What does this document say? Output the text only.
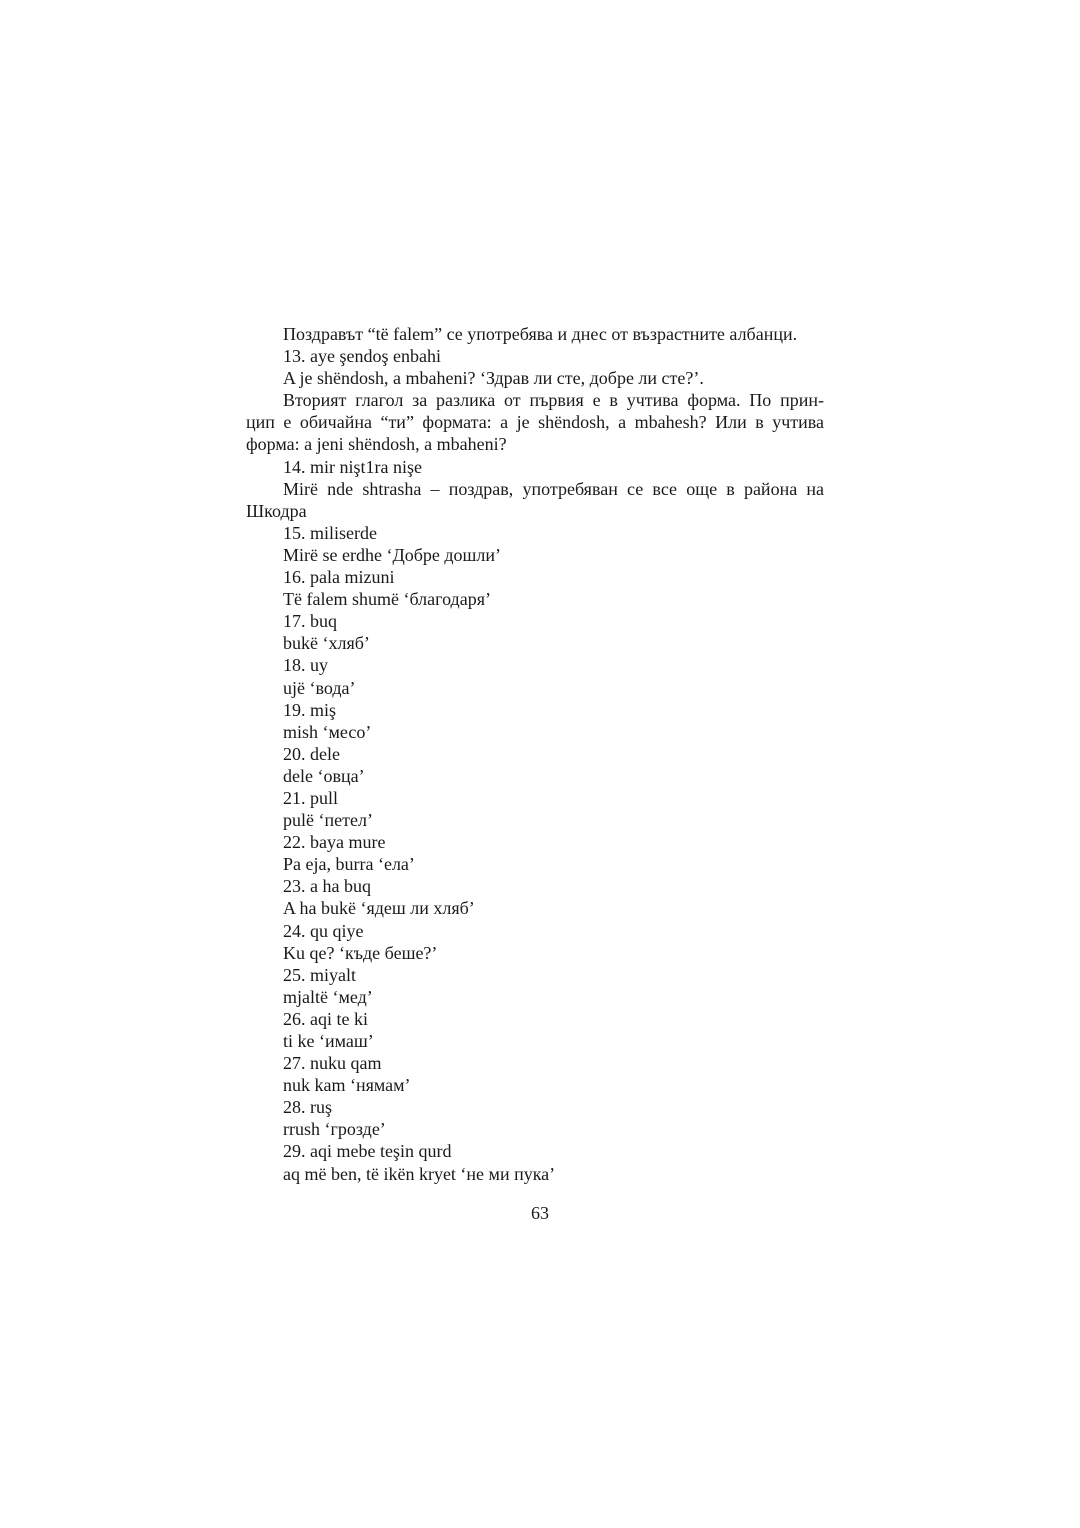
Поздравът “të falem” се употребява и днес от възрастните албанци.
13. aye şendoş enbahi
A je shëndosh, a mbaheni? ‘Здрав ли сте, добре ли сте?’.
Вторият глагол за разлика от първия е в учтива форма. По прин-
цип е обичайна “ти” формата: a je shëndosh, a mbahesh? Или в учтива
форма: a jeni shëndosh, a mbaheni?
14. mir nişt1ra nişe
Mirë nde shtrasha – поздрав, употребяван се все още в района на
Шкодра
15. miliserde
Mirë se erdhe ‘Добре дошли’
16. pala mizuni
Të falem shumë ‘благодаря’
17. buq
bukë ‘хляб’
18. uy
ujë ‘вода’
19. miş
mish ‘месо’
20. dele
dele ‘овца’
21. pull
pulë ‘петел’
22. baya mure
Pa eja, burra ‘ела’
23. a ha buq
A ha bukë ‘ядеш ли хляб’
24. qu qiye
Ku qe? ‘къде беше?’
25. miyalt
mjaltë ‘мед’
26. aqi te ki
ti ke ‘имаш’
27. nuku qam
nuk kam ‘нямам’
28. ruş
rrush ‘грозде’
29. aqi mebe teşin qurd
aq më ben, të ikën kryet ‘не ми пука’
63
